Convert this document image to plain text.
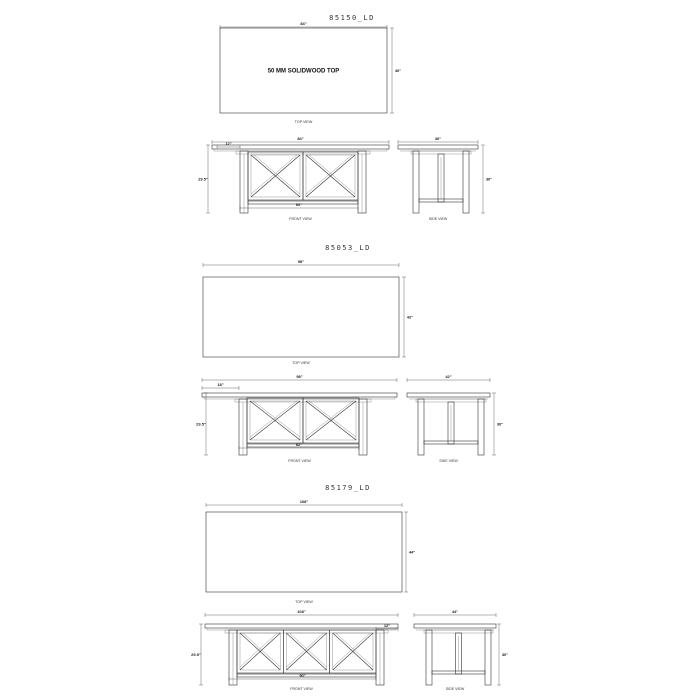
85150_LD
84"
40"
50 MM SOLIDWOOD TOP
TOP VIEW
84"
12"
29.5"
60"
FRONT VIEW
30"
40"
SIDE VIEW
85053_LD
98"
42"
TOP VIEW
98"
18"
29.5"
62"
FRONT VIEW
30"
42"
SIDE VIEW
85179_LD
108"
44"
TOP VIEW
108"
12"
29.5"
90"
FRONT VIEW
30"
44"
SIDE VIEW
